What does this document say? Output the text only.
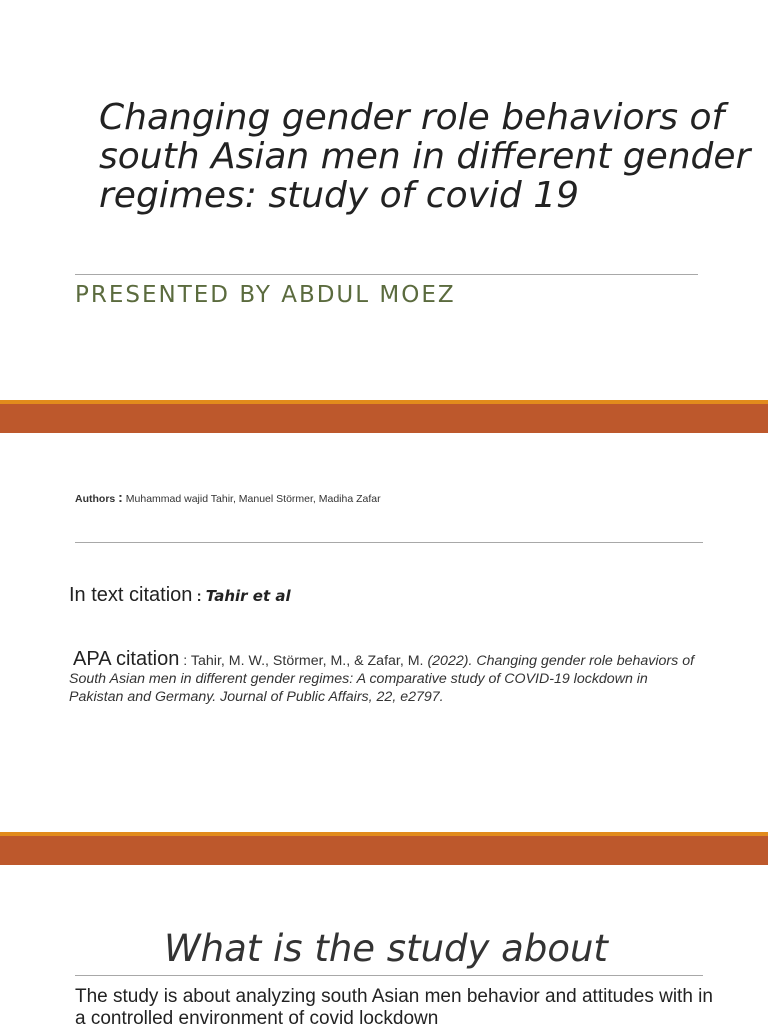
Changing gender role behaviors of south Asian men in different gender regimes: study of covid 19
PRESENTED BY ABDUL MOEZ
Authors : Muhammad wajid Tahir, Manuel Störmer, Madiha Zafar
In text citation : Tahir et al
APA citation : Tahir, M. W., Störmer, M., & Zafar, M. (2022). Changing gender role behaviors of South Asian men in different gender regimes: A comparative study of COVID-19 lockdown in Pakistan and Germany. Journal of Public Affairs, 22, e2797.
What is the study about
The study is about analyzing south Asian men behavior and attitudes with in a controlled environment of covid lockdown
